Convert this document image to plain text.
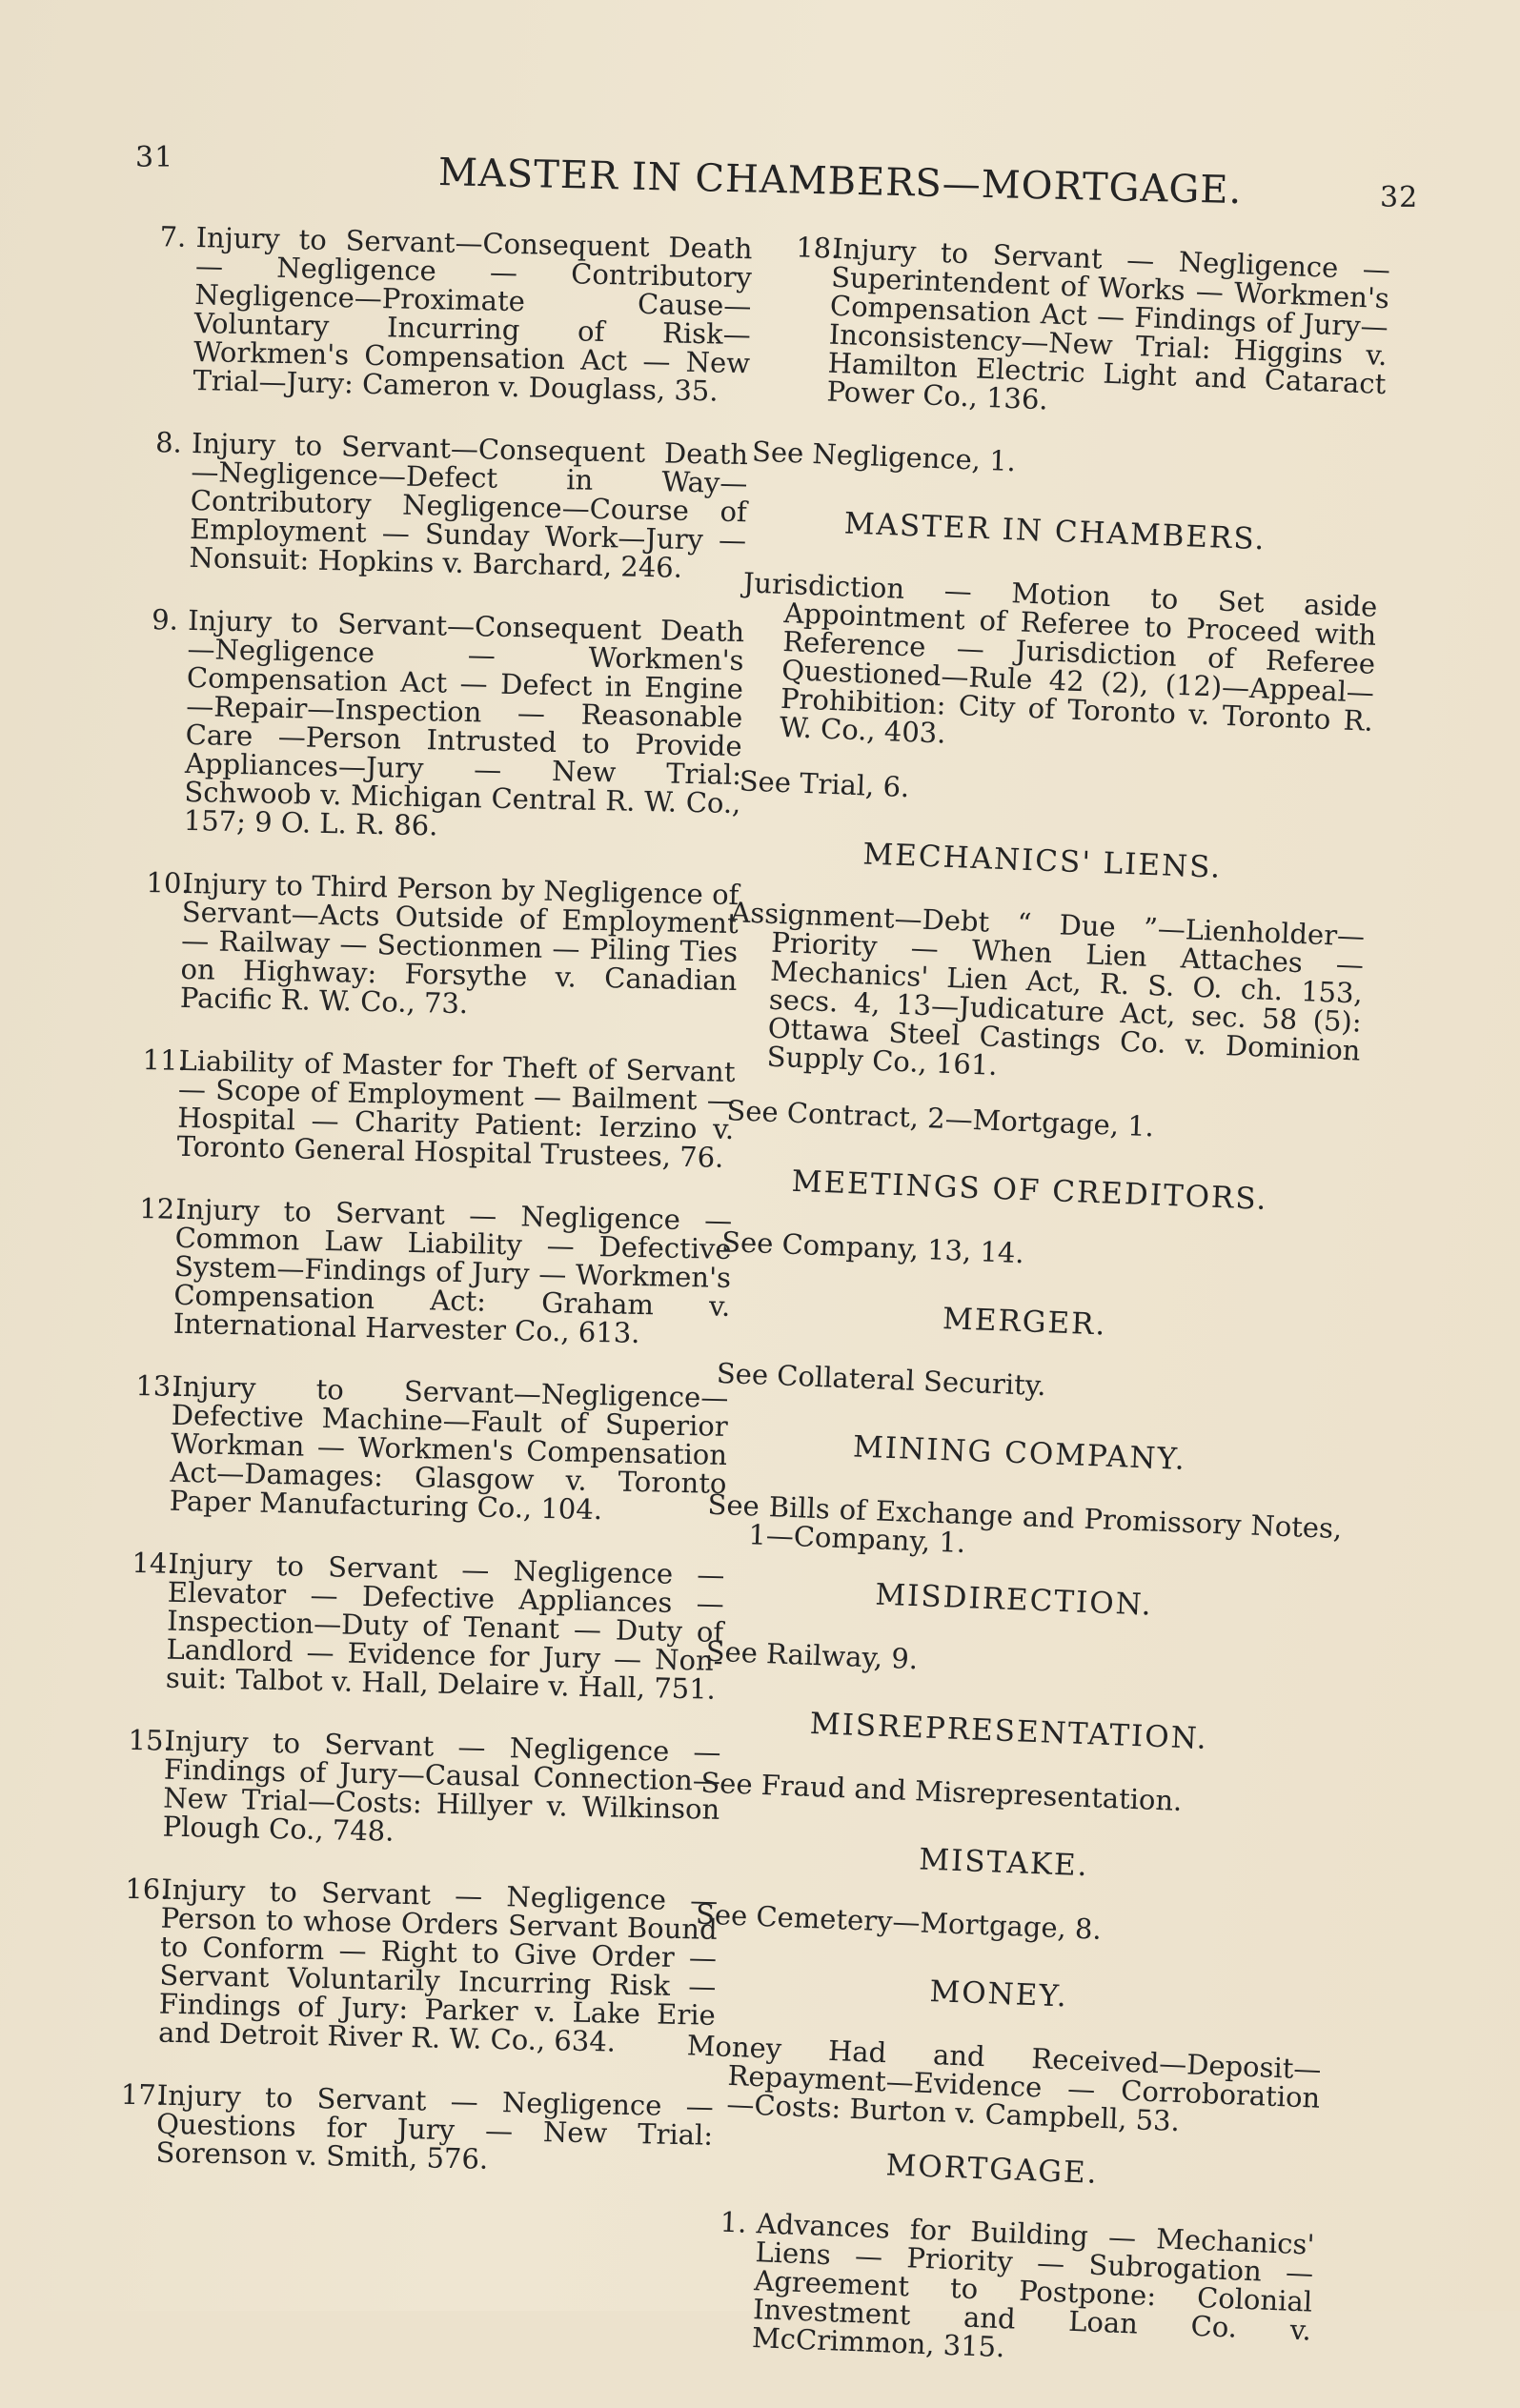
31	MASTER IN CHAMBERS—MORTGAGE.	32
7. Injury to Servant—Consequent Death — Negligence — Contributory Negligence—Proximate Cause—Voluntary Incurring of Risk—Workmen's Compensation Act — New Trial—Jury: Cameron v. Douglass, 35.
8. Injury to Servant—Consequent Death —Negligence—Defect in Way—Contributory Negligence—Course of Employment — Sunday Work—Jury — Nonsuit: Hopkins v. Barchard, 246.
9. Injury to Servant—Consequent Death —Negligence — Workmen's Compensation Act — Defect in Engine—Repair—Inspection — Reasonable Care —Person Intrusted to Provide Appliances—Jury — New Trial: Schwoob v. Michigan Central R. W. Co., 157; 9 O. L. R. 86.
10.Injury to Third Person by Negligence of Servant—Acts Outside of Employment — Railway — Sectionmen — Piling Ties on Highway: Forsythe v. Canadian Pacific R. W. Co., 73.
11.Liability of Master for Theft of Servant — Scope of Employment — Bailment — Hospital — Charity Patient: Ierzino v. Toronto General Hospital Trustees, 76.
12.Injury to Servant — Negligence — Common Law Liability — Defective System—Findings of Jury — Workmen's Compensation Act: Graham v. International Harvester Co., 613.
13.Injury to Servant—Negligence—Defective Machine—Fault of Superior Workman — Workmen's Compensation Act—Damages: Glasgow v. Toronto Paper Manufacturing Co., 104.
14.Injury to Servant — Negligence — Elevator — Defective Appliances — Inspection—Duty of Tenant — Duty of Landlord — Evidence for Jury — Non-suit: Talbot v. Hall, Delaire v. Hall, 751.
15.Injury to Servant — Negligence — Findings of Jury—Causal Connection—New Trial—Costs: Hillyer v. Wilkinson Plough Co., 748.
16.Injury to Servant — Negligence — Person to whose Orders Servant Bound to Conform — Right to Give Order — Servant Voluntarily Incurring Risk — Findings of Jury: Parker v. Lake Erie and Detroit River R. W. Co., 634.
17.Injury to Servant — Negligence — Questions for Jury — New Trial: Sorenson v. Smith, 576.
18.Injury to Servant — Negligence — Superintendent of Works — Workmen's Compensation Act — Findings of Jury—Inconsistency—New Trial: Higgins v. Hamilton Electric Light and Cataract Power Co., 136.
See Negligence, 1.
MASTER IN CHAMBERS.
Jurisdiction — Motion to Set aside Appointment of Referee to Proceed with Reference — Jurisdiction of Referee Questioned—Rule 42 (2), (12)—Appeal—Prohibition: City of Toronto v. Toronto R. W. Co., 403.
See Trial, 6.
MECHANICS' LIENS.
Assignment—Debt “ Due ”—Lienholder—Priority — When Lien Attaches — Mechanics' Lien Act, R. S. O. ch. 153, secs. 4, 13—Judicature Act, sec. 58 (5): Ottawa Steel Castings Co. v. Dominion Supply Co., 161.
See Contract, 2—Mortgage, 1.
MEETINGS OF CREDITORS.
See Company, 13, 14.
MERGER.
See Collateral Security.
MINING COMPANY.
See Bills of Exchange and Promissory Notes, 1—Company, 1.
MISDIRECTION.
See Railway, 9.
MISREPRESENTATION.
See Fraud and Misrepresentation.
MISTAKE.
See Cemetery—Mortgage, 8.
MONEY.
Money Had and Received—Deposit—Repayment—Evidence — Corroboration —Costs: Burton v. Campbell, 53.
MORTGAGE.
1. Advances for Building — Mechanics' Liens — Priority — Subrogation — Agreement to Postpone: Colonial Investment and Loan Co. v. McCrimmon, 315.
